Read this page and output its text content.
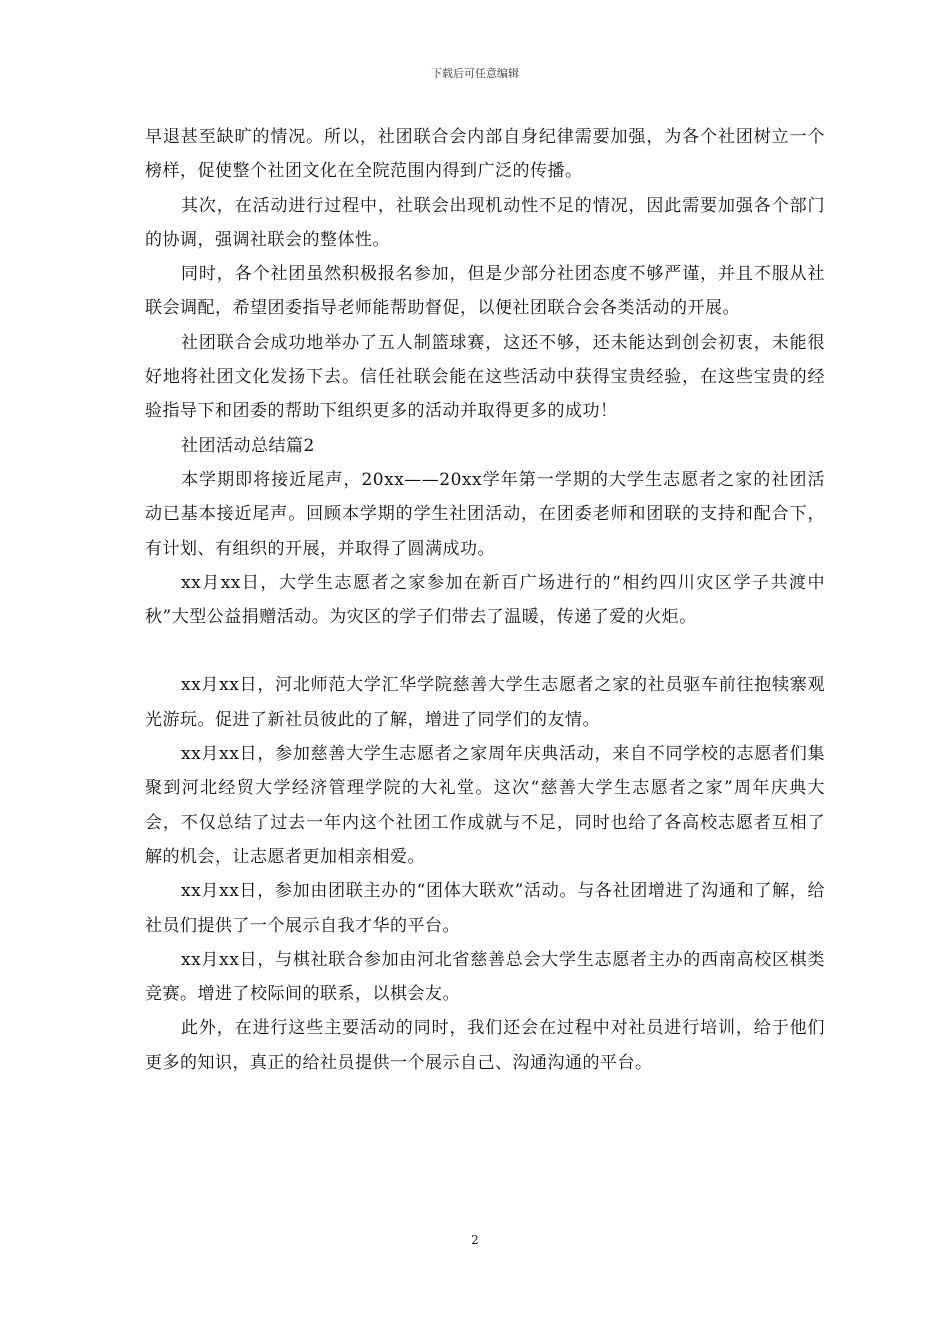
下载后可任意编辑

早退甚至缺旷的情况。所以，社团联合会内部自身纪律需要加强，为各个社团树立一个榜样，促使整个社团文化在全院范围内得到广泛的传播。

其次，在活动进行过程中，社联会出现机动性不足的情况，因此需要加强各个部门的协调，强调社联会的整体性。

同时，各个社团虽然积极报名参加，但是少部分社团态度不够严谨，并且不服从社联会调配，希望团委指导老师能帮助督促，以便社团联合会各类活动的开展。

社团联合会成功地举办了五人制篮球赛，这还不够，还未能达到创会初衷，未能很好地将社团文化发扬下去。信任社联会能在这些活动中获得宝贵经验，在这些宝贵的经验指导下和团委的帮助下组织更多的活动并取得更多的成功！

社团活动总结篇2

本学期即将接近尾声，20xx——20xx学年第一学期的大学生志愿者之家的社团活动已基本接近尾声。回顾本学期的学生社团活动，在团委老师和团联的支持和配合下，有计划、有组织的开展，并取得了圆满成功。

xx月xx日，大学生志愿者之家参加在新百广场进行的“相约四川灾区学子共渡中秋”大型公益捐赠活动。为灾区的学子们带去了温暖，传递了爱的火炬。

xx月xx日，河北师范大学汇华学院慈善大学生志愿者之家的社员驱车前往抱犊寨观光游玩。促进了新社员彼此的了解，增进了同学们的友情。

xx月xx日，参加慈善大学生志愿者之家周年庆典活动，来自不同学校的志愿者们集聚到河北经贸大学经济管理学院的大礼堂。这次“慈善大学生志愿者之家”周年庆典大会，不仅总结了过去一年内这个社团工作成就与不足，同时也给了各高校志愿者互相了解的机会，让志愿者更加相亲相爱。

xx月xx日，参加由团联主办的“团体大联欢”活动。与各社团增进了沟通和了解，给社员们提供了一个展示自我才华的平台。

xx月xx日，与棋社联合参加由河北省慈善总会大学生志愿者主办的西南高校区棋类竞赛。增进了校际间的联系，以棋会友。

此外，在进行这些主要活动的同时，我们还会在过程中对社员进行培训，给于他们更多的知识，真正的给社员提供一个展示自己、沟通沟通的平台。

2
